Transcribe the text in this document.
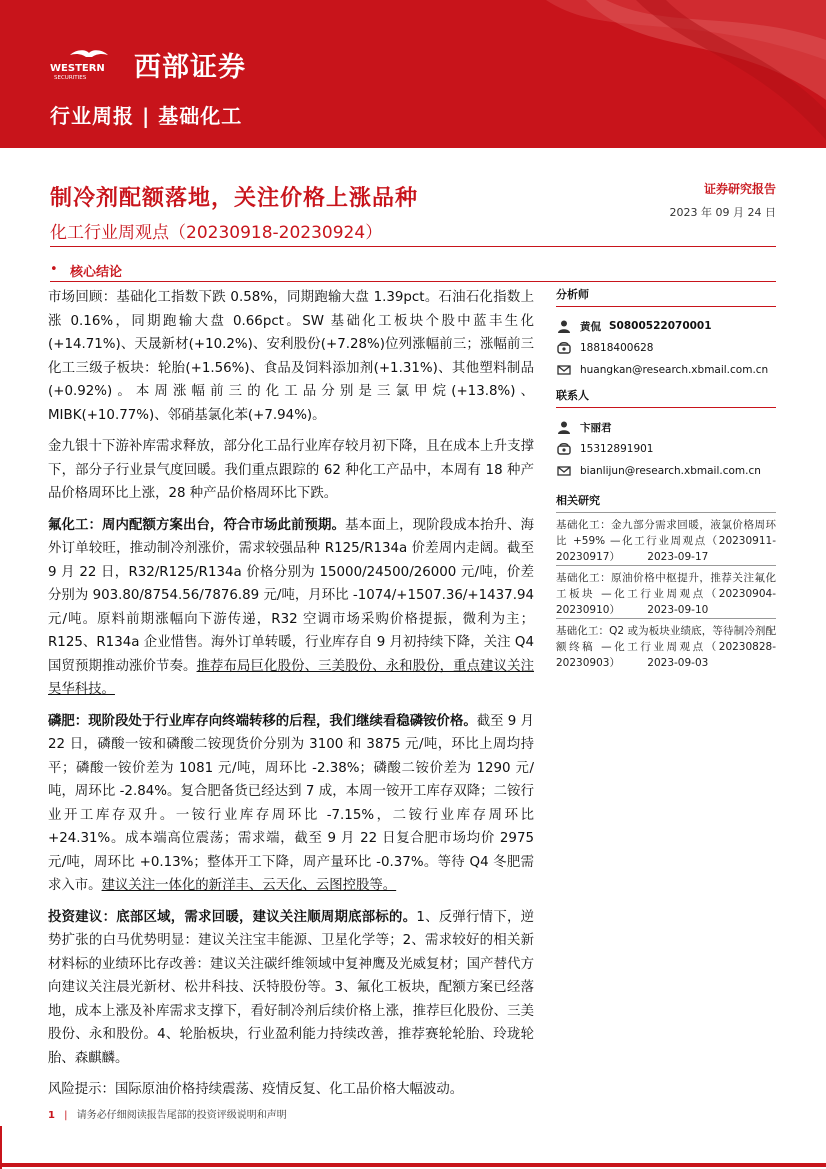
WESTERN
SECURITIES 西部证券
行业周报 | 基础化工
制冷剂配额落地，关注价格上涨品种
化工行业周观点（20230918-20230924）
证券研究报告
2023 年 09 月 24 日
• 核心结论

市场回顾：基础化工指数下跌 0.58%，同期跑输大盘 1.39pct。石油石化指数上涨 0.16%，同期跑输大盘 0.66pct。SW 基础化工板块个股中蓝丰生化(+14.71%)、天晟新材(+10.2%)、安利股份(+7.28%)位列涨幅前三；涨幅前三化工三级子板块：轮胎(+1.56%)、食品及饲料添加剂(+1.31%)、其他塑料制品(+0.92%)。本周涨幅前三的化工品分别是三氯甲烷(+13.8%)、MIBK(+10.77%)、邻硝基氯化苯(+7.94%)。

金九银十下游补库需求释放，部分化工品行业库存较月初下降，且在成本上升支撑下，部分子行业景气度回暖。我们重点跟踪的 62 种化工产品中，本周有 18 种产品价格周环比上涨，28 种产品价格周环比下跌。

氟化工：周内配额方案出台，符合市场此前预期。基本面上，现阶段成本抬升、海外订单较旺，推动制冷剂涨价，需求较强品种 R125/R134a 价差周内走阔。截至 9 月 22 日，R32/R125/R134a 价格分别为 15000/24500/26000 元/吨，价差分别为 903.80/8754.56/7876.89 元/吨，月环比 -1074/+1507.36/+1437.94 元/吨。原料前期涨幅向下游传递，R32 空调市场采购价格提振，微利为主；R125、R134a 企业惜售。海外订单转暖，行业库存自 9 月初持续下降，关注 Q4 国贸预期推动涨价节奏。推荐布局巨化股份、三美股份、永和股份，重点建议关注昊华科技。

磷肥：现阶段处于行业库存向终端转移的后程，我们继续看稳磷铵价格。截至 9 月 22 日，磷酸一铵和磷酸二铵现货价分别为 3100 和 3875 元/吨，环比上周均持平；磷酸一铵价差为 1081 元/吨，周环比 -2.38%；磷酸二铵价差为 1290 元/吨，周环比 -2.84%。复合肥备货已经达到 7 成，本周一铵开工库存双降；二铵行业开工库存双升。一铵行业库存周环比 -7.15%，二铵行业库存周环比 +24.31%。成本端高位震荡；需求端，截至 9 月 22 日复合肥市场均价 2975 元/吨，周环比 +0.13%；整体开工下降，周产量环比 -0.37%。等待 Q4 冬肥需求入市。建议关注一体化的新洋丰、云天化、云图控股等。

投资建议：底部区域，需求回暖，建议关注顺周期底部标的。1、反弹行情下，逆势扩张的白马优势明显：建议关注宝丰能源、卫星化学等；2、需求较好的相关新材料标的业绩环比存改善：建议关注碳纤维领域中复神鹰及光威复材；国产替代方向建议关注晨光新材、松井科技、沃特股份等。3、氟化工板块，配额方案已经落地，成本上涨及补库需求支撑下，看好制冷剂后续价格上涨，推荐巨化股份、三美股份、永和股份。4、轮胎板块，行业盈利能力持续改善，推荐赛轮轮胎、玲珑轮胎、森麒麟。

风险提示：国际原油价格持续震荡、疫情反复、化工品价格大幅波动。

分析师
黄侃 S0800522070001
18818400628
huangkan@research.xbmail.com.cn
联系人
卞丽君
15312891901
bianlijun@research.xbmail.com.cn
相关研究
基础化工：金九部分需求回暖，液氯价格周环比 +59% —化工行业周观点（20230911-20230917）	2023-09-17
基础化工：原油价格中枢提升，推荐关注氟化工板块 —化工行业周观点（20230904-20230910）	2023-09-10
基础化工：Q2 或为板块业绩底，等待制冷剂配额终稿 —化工行业周观点（20230828-20230903）	2023-09-03
1 | 请务必仔细阅读报告尾部的投资评级说明和声明
